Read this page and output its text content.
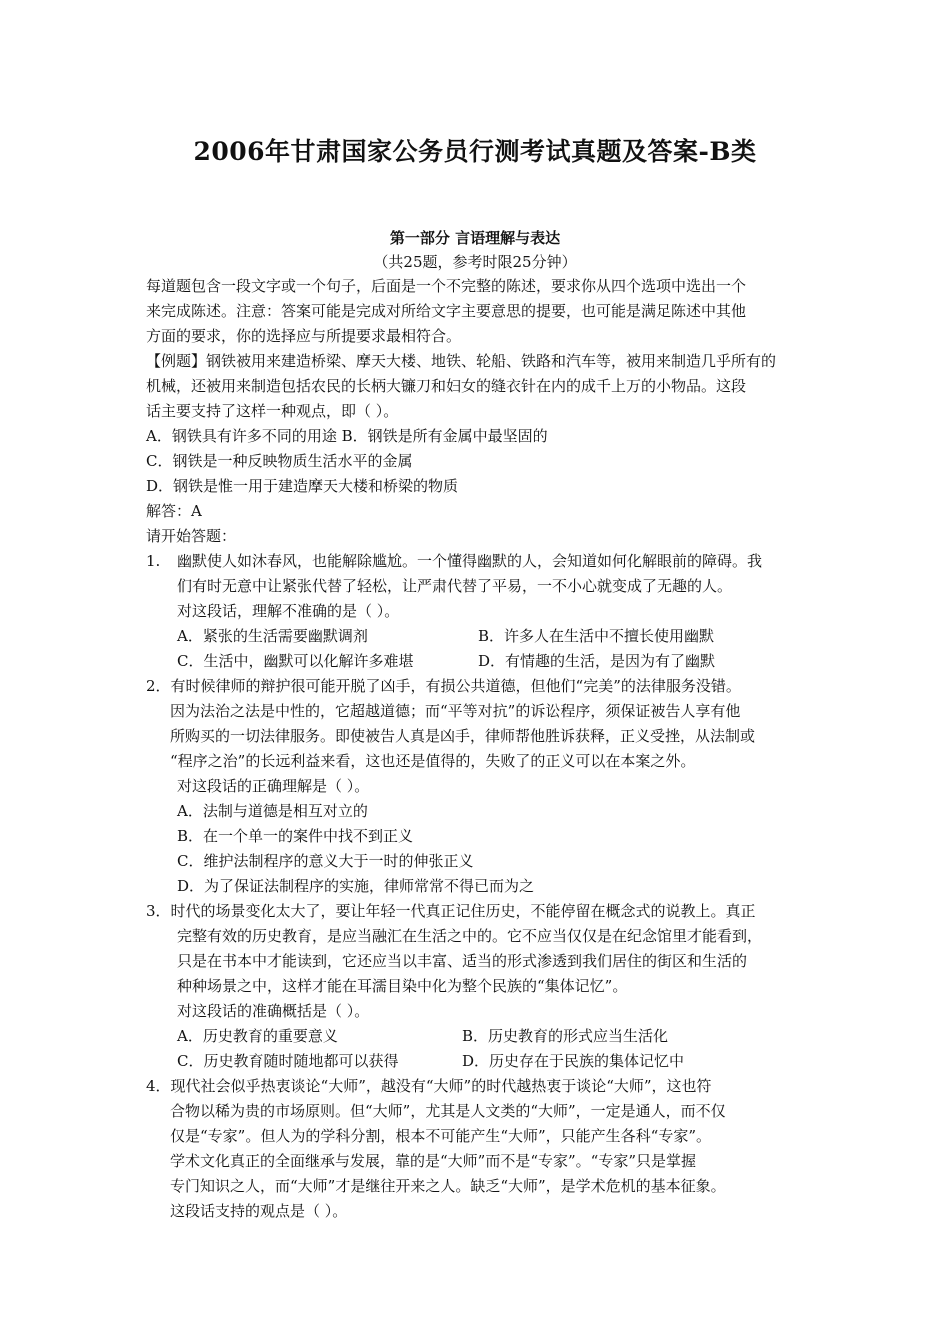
2006年甘肃国家公务员行测考试真题及答案-B类
第一部分 言语理解与表达
（共25题，参考时限25分钟）
每道题包含一段文字或一个句子，后面是一个不完整的陈述，要求你从四个选项中选出一个
来完成陈述。注意：答案可能是完成对所给文字主要意思的提要，也可能是满足陈述中其他
方面的要求，你的选择应与所提要求最相符合。
【例题】钢铁被用来建造桥梁、摩天大楼、地铁、轮船、铁路和汽车等，被用来制造几乎所有的
机械，还被用来制造包括农民的长柄大镰刀和妇女的缝衣针在内的成千上万的小物品。这段
话主要支持了这样一种观点，即（ ）。
A．钢铁具有许多不同的用途 B．钢铁是所有金属中最坚固的
C．钢铁是一种反映物质生活水平的金属
D．钢铁是惟一用于建造摩天大楼和桥梁的物质
解答：A
请开始答题：
1. 幽默使人如沐春风，也能解除尴尬。一个懂得幽默的人，会知道如何化解眼前的障碍。我
们有时无意中让紧张代替了轻松，让严肃代替了平易，一不小心就变成了无趣的人。
对这段话，理解不准确的是（ ）。
A．紧张的生活需要幽默调剂	B．许多人在生活中不擅长使用幽默
C．生活中，幽默可以化解许多难堪	D．有情趣的生活，是因为有了幽默
2．有时候律师的辩护很可能开脱了凶手，有损公共道德，但他们“完美”的法律服务没错。
因为法治之法是中性的，它超越道德；而“平等对抗”的诉讼程序，须保证被告人享有他
所购买的一切法律服务。即使被告人真是凶手，律师帮他胜诉获释，正义受挫，从法制或
“程序之治”的长远利益来看，这也还是值得的，失败了的正义可以在本案之外。
对这段话的正确理解是（ ）。
A．法制与道德是相互对立的
B．在一个单一的案件中找不到正义
C．维护法制程序的意义大于一时的伸张正义
D．为了保证法制程序的实施，律师常常不得已而为之
3．时代的场景变化太大了，要让年轻一代真正记住历史，不能停留在概念式的说教上。真正
完整有效的历史教育，是应当融汇在生活之中的。它不应当仅仅是在纪念馆里才能看到，
只是在书本中才能读到，它还应当以丰富、适当的形式渗透到我们居住的街区和生活的
种种场景之中，这样才能在耳濡目染中化为整个民族的“集体记忆”。
对这段话的准确概括是（ ）。
A．历史教育的重要意义	B．历史教育的形式应当生活化
C．历史教育随时随地都可以获得	D．历史存在于民族的集体记忆中
4．现代社会似乎热衷谈论“大师”，越没有“大师”的时代越热衷于谈论“大师”，这也符
合物以稀为贵的市场原则。但“大师”，尤其是人文类的“大师”，一定是通人，而不仅
仅是“专家”。但人为的学科分割，根本不可能产生“大师”，只能产生各科“专家”。
学术文化真正的全面继承与发展，靠的是“大师”而不是“专家”。“专家”只是掌握
专门知识之人，而“大师”才是继往开来之人。缺乏“大师”，是学术危机的基本征象。
这段话支持的观点是（ ）。
